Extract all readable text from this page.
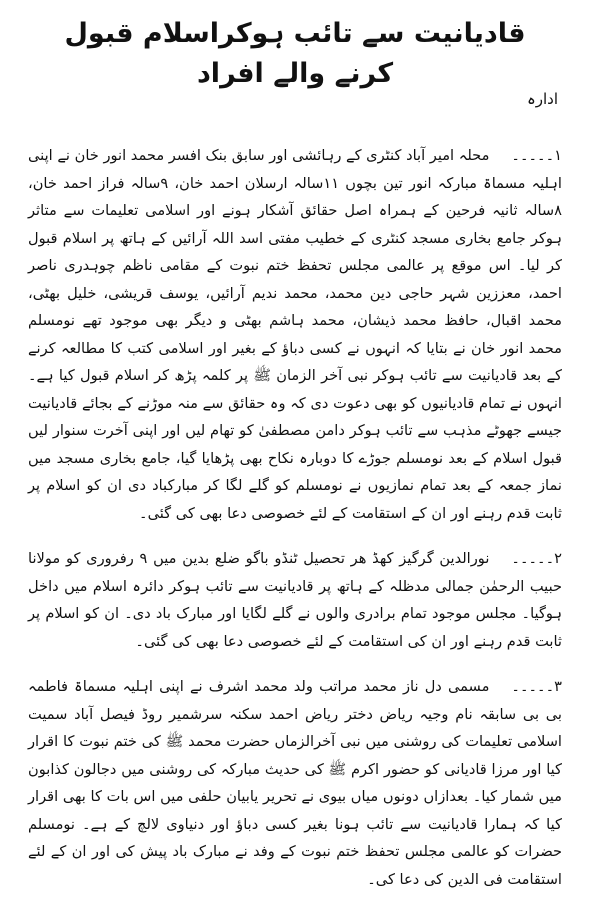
قادیانیت سے تائب ہوکراسلام قبول کرنے والے افراد
ادارہ

۱۔۔۔۔۔محلہ امیر آباد کنٹری کے رہائشی اور سابق بنک افسر محمد انور خان نے اپنی اہلیہ مسماۃ مبارکہ انور تین بچوں ۱۱سالہ ارسلان احمد خان، ۹سالہ فراز احمد خان، ۸سالہ ثانیہ فرحین کے ہمراہ اصل حقائق آشکار ہونے اور اسلامی تعلیمات سے متاثر ہوکر جامع بخاری مسجد کنٹری کے خطیب مفتی اسد اللہ آرائیں کے ہاتھ پر اسلام قبول کر لیا۔ اس موقع پر عالمی مجلس تحفظ ختم نبوت کے مقامی ناظم چوہدری ناصر احمد، معززین شہر حاجی دین محمد، محمد ندیم آرائیں، یوسف قریشی، خلیل بھٹی، محمد اقبال، حافظ محمد ذیشان، محمد ہاشم بھٹی و دیگر بھی موجود تھے نومسلم محمد انور خان نے بتایا کہ انہوں نے کسی دباؤ کے بغیر اور اسلامی کتب کا مطالعہ کرنے کے بعد قادیانیت سے تائب ہوکر نبی آخر الزمان ﷺ پر کلمہ پڑھ کر اسلام قبول کیا ہے۔ انہوں نے تمام قادیانیوں کو بھی دعوت دی کہ وہ حقائق سے منہ موڑنے کے بجائے قادیانیت جیسے جھوٹے مذہب سے تائب ہوکر دامن مصطفیٰ کو تھام لیں اور اپنی آخرت سنوار لیں قبول اسلام کے بعد نومسلم جوڑے کا دوبارہ نکاح بھی پڑھایا گیا، جامع بخاری مسجد میں نماز جمعہ کے بعد تمام نمازیوں نے نومسلم کو گلے لگا کر مبارکباد دی ان کو اسلام پر ثابت قدم رہنے اور ان کے استقامت کے لئے خصوصی دعا بھی کی گئی۔

۲۔۔۔۔۔نورالدین گرگیز کھڈ ھر تحصیل ٹنڈو باگو ضلع بدین میں ۹ رفروری کو مولانا حبیب الرحمٰن جمالی مدظلہ کے ہاتھ پر قادیانیت سے تائب ہوکر دائرہ اسلام میں داخل ہوگیا۔ مجلس موجود تمام برادری والوں نے گلے لگایا اور مبارک باد دی۔ ان کو اسلام پر ثابت قدم رہنے اور ان کی استقامت کے لئے خصوصی دعا بھی کی گئی۔

۳۔۔۔۔۔مسمی دل ناز محمد مراتب ولد محمد اشرف نے اپنی اہلیہ مسماۃ فاطمہ بی بی سابقہ نام وجیہ ریاض دختر ریاض احمد سکنہ سرشمیر روڈ فیصل آباد سمیت اسلامی تعلیمات کی روشنی میں نبی آخرالزماں حضرت محمد ﷺ کی ختم نبوت کا اقرار کیا اور مرزا قادیانی کو حضور اکرم ﷺ کی حدیث مبارکہ کی روشنی میں دجالون کذابون میں شمار کیا۔ بعدازاں دونوں میاں بیوی نے تحریر یابیان حلفی میں اس بات کا بھی اقرار کیا کہ ہمارا قادیانیت سے تائب ہونا بغیر کسی دباؤ اور دنیاوی لالچ کے ہے۔ نومسلم حضرات کو عالمی مجلس تحفظ ختم نبوت کے وفد نے مبارک باد پیش کی اور ان کے لئے استقامت فی الدین کی دعا کی۔
